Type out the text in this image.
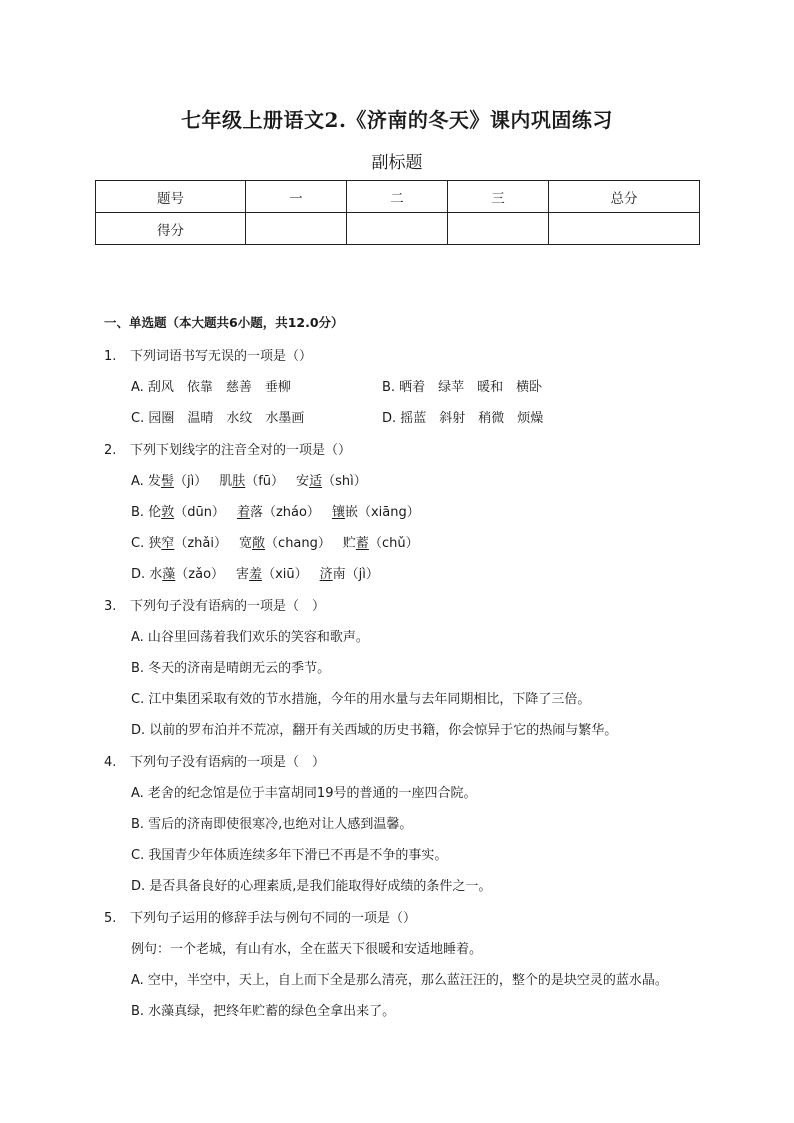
七年级上册语文2.《济南的冬天》课内巩固练习
副标题
题号	一	二	三	总分
得分				
一、单选题（本大题共6小题，共12.0分）
1. 下列词语书写无误的一项是（）
A. 刮风　依靠　慈善　垂柳	B. 晒着　绿苹　暖和　横卧
C. 园圈　温晴　水纹　水墨画	D. 摇蓝　斜射　稍微　烦燥
2. 下列下划线字的注音全对的一项是（）
A. 发髻（jì） 肌肤（fū） 安适（shì）
B. 伦敦（dūn） 着落（zháo） 镶嵌（xiāng）
C. 狭窄（zhǎi） 宽敞（chang） 贮蓄（chǔ）
D. 水藻（zǎo） 害羞（xiū） 济南（jì）
3. 下列句子没有语病的一项是（　）
A. 山谷里回荡着我们欢乐的笑容和歌声。
B. 冬天的济南是晴朗无云的季节。
C. 江中集团采取有效的节水措施，今年的用水量与去年同期相比，下降了三倍。
D. 以前的罗布泊并不荒凉，翻开有关西域的历史书籍，你会惊异于它的热闹与繁华。
4. 下列句子没有语病的一项是（　）
A. 老舍的纪念馆是位于丰富胡同19号的普通的一座四合院。
B. 雪后的济南即使很寒冷,也绝对让人感到温馨。
C. 我国青少年体质连续多年下滑已不再是不争的事实。
D. 是否具备良好的心理素质,是我们能取得好成绩的条件之一。
5. 下列句子运用的修辞手法与例句不同的一项是（）
例句：一个老城，有山有水，全在蓝天下很暖和安适地睡着。
A. 空中，半空中，天上，自上而下全是那么清亮，那么蓝汪汪的，整个的是块空灵的蓝水晶。
B. 水藻真绿，把终年贮蓄的绿色全拿出来了。
